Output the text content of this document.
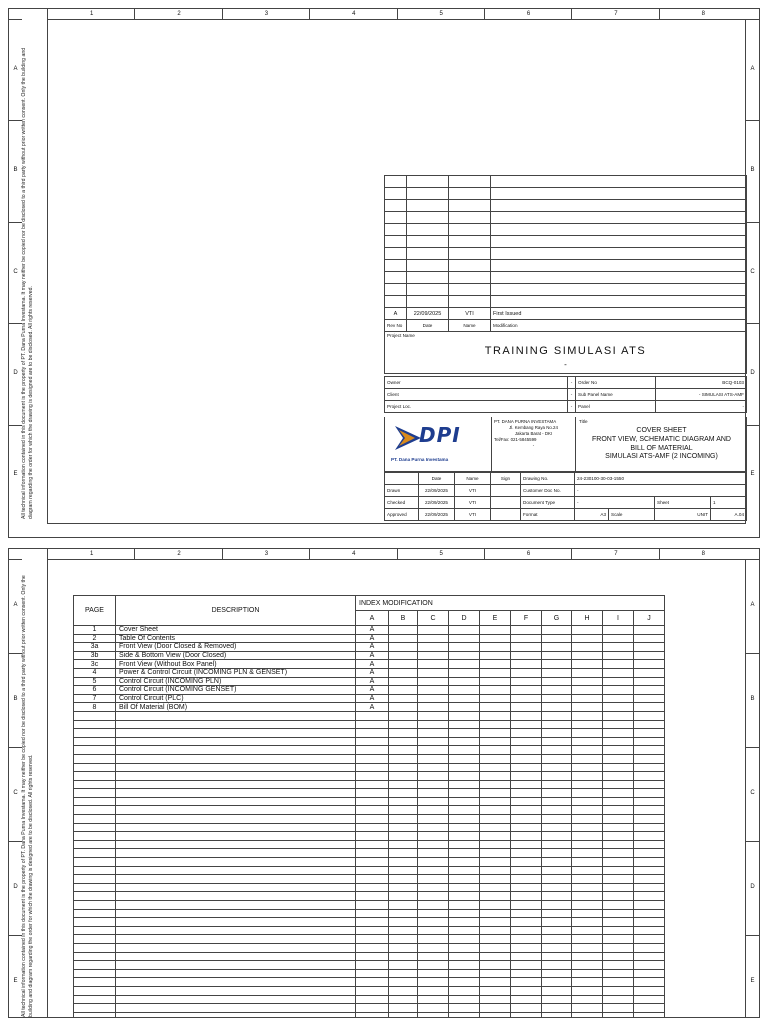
1	2	3	4	5	6	7	8
A
B
C
D
E
A
B
C
D
E
All technical information contained in this document is the property of PT. Dana Purna Investama. It may neither be copied nor be disclosed to a third party without prior written consent. Only the building and diagram regarding the order for which the drawing is designed are to be disclosed. All rights reserved.

				A	22/09/2025	VTI	First Issued
Rev No	Date	Name	Modification
Project Name
TRAINING SIMULASI ATS
-
Owner	-	Order No	BCQ-0103
Client	-	Sub Panel Name	- SIMULASI ATS-AMF
Project Loc.	-	Panel	-
DPI
PT. Dana Purna Investama
PT. DANA PURNA INVESTAMA
Jl. Kembang Raya No.24
Jakarta Barat - DKI
Tel/Fax: 021-5845599
-
Title
COVER SHEET
FRONT VIEW, SCHEMATIC DIAGRAM AND
BILL OF MATERIAL
SIMULASI ATS-AMF (2 INCOMING)
	Date	Name	Sign	Drawing No.	24-230100-30-03-1550			
Drawn	22/09/2025	VTI		Customer Doc No.	-			
Checked	22/09/2025	VTI		Document Type	-		Sheet	1
Approved	22/09/2025	VTI		Format	A3	Scale	UNIT	A.04
1	2	3	4	5	6	7	8
A
B
C
D
E
A
B
C
D
E
All technical information contained in this document is the property of PT. Dana Purna Investama. It may neither be copied nor be disclosed to a third party without prior written consent. Only the building and diagram regarding the order for which the drawing is designed are to be disclosed. All rights reserved.
PAGE	DESCRIPTION	INDEX MODIFICATION									
		A	B	C	D	E	F	G	H	I	J
1	Cover Sheet	A									
2	Table Of Contents	A									
3a	Front View (Door Closed & Removed)	A									
3b	Side & Bottom View (Door Closed)	A									
3c	Front View (Without Box Panel)	A									
4	Power & Control Circuit (INCOMING PLN & GENSET)	A									
5	Control Circuit (INCOMING PLN)	A									
6	Control Circuit (INCOMING GENSET)	A									
7	Control Circuit (PLC)	A									
8	Bill Of Material (BOM)	A									
